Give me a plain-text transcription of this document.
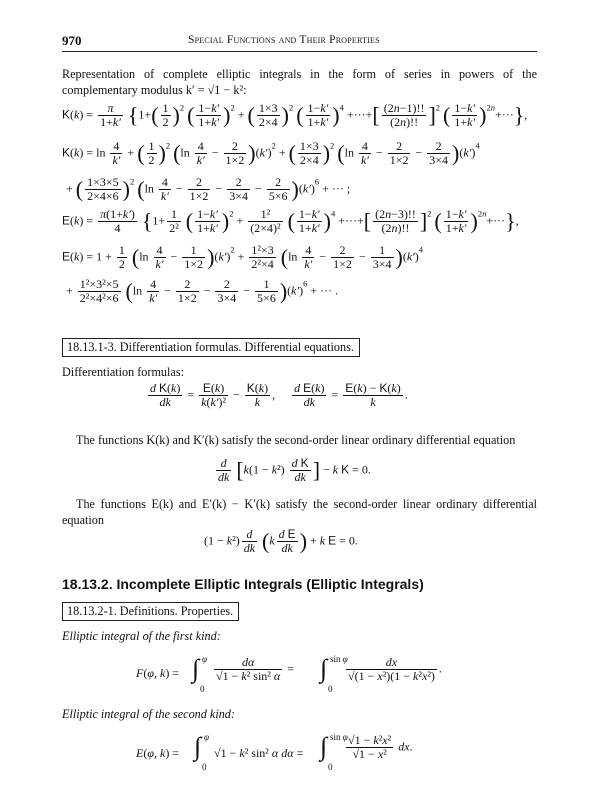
970	Special Functions and Their Properties
Representation of complete elliptic integrals in the form of series in powers of the complementary modulus k′ = √1 − k²:
$K(k) = \frac{\pi}{1+k'} \{1+( \frac{1}{2} )^2$ ( $\frac{1-k'}{1+k'} )^2$ + ( $\frac{1\times 3}{2\times 4} )^2$ ( $\frac{1-k'}{1+k'} )^4$ +···+[ $\frac{(2n-1)!!}{(2n)!!} ]^2$ ( $\frac{1-k'}{1+k'} )^{2n}+\cdot\cdot\cdot$},
$K(k) = \ln \frac{4}{k'}$ + ( $\frac{1}{2} )^2$ $(\ln \frac{4}{k'} - \frac{2}{1\times 2} )(k')^2$ + ( $\frac{1\times 3}{2\times 4} )^2$ $(\ln \frac{4}{k'} - \frac{2}{1\times 2} - \frac{2}{3\times 4} )(k')^4$
+ ( $\frac{1\times 3\times 5}{2\times 4\times 6} )^2$ $(\ln \frac{4}{k'} - \frac{2}{1\times 2} - \frac{2}{3\times 4} - \frac{2}{5\times 6} )(k')^6$ + ··· ;
$E(k) = \frac{\pi(1+k')}{4} \{1+ \frac{1}{\text{2²}}$ ( $\frac{1-k'}{1+k'} )^2 + \frac{\text{1²}}{\text{(2×4)²}}$ ( $\frac{1-k'}{1+k'} )^4$ +···+[ $\frac{(2n-3)!!}{(2n)!!} ]^2$ ( $\frac{1-k'}{1+k'} )^{2n}+\cdot\cdot\cdot$},
$E(k) = 1 + \frac{1}{2} (\ln \frac{4}{k'} - \frac{1}{1\times 2} )(k')^2 + \frac{\text{1²×3}}{\text{2²×4}} (\ln \frac{4}{k'} - \frac{2}{1\times 2} - \frac{1}{3\times 4} )(k')^4$
+ $\frac{\text{1²×3²×5}}{\text{2²×4²×6}} (\ln \frac{4}{k'} - \frac{2}{1\times 2} - \frac{2}{3\times 4} - \frac{1}{5\times 6} )(k')^6$ + ··· .
18.13.1-3. Differentiation formulas. Differential equations.
Differentiation formulas:
$\frac{\text{d K(k)}}{dk} = \frac{E(k)}{\text{k(k′)²}} - \frac{K(k)}{k}$ , $\frac{\text{d E(k)}}{dk} = \frac{E(k) - K(k)}{k}$ .
The functions K(k) and K′(k) satisfy the second-order linear ordinary differential equation
$\frac{d}{dk} [k(1 - k^2) \frac{\text{d K}}{dk}$ ] − k K = 0.
The functions E(k) and E′(k) − K′(k) satisfy the second-order linear ordinary differential equation
$(1 - k^2) \frac{d}{dk} (k \frac{\text{d E}}{dk}$ ) + k E = 0.
18.13.2. Incomplete Elliptic Integrals (Elliptic Integrals)
18.13.2-1. Definitions. Properties.
Elliptic integral of the first kind:
F(φ, k) = ∫ φ
0
$\frac{d\alpha}{\text{√1 − k² sin² α}}$ = ∫ sin φ
0
$\frac{dx}{\text{√(1 − x²)(1 − k²x²)}}$ .
Elliptic integral of the second kind:
E(φ, k) = ∫ φ
0
√1 − k² sin² α dα = ∫ sin φ
0
$\frac{\text{√1 − k²x²}}{\text{√1 − x²}}$ dx.
